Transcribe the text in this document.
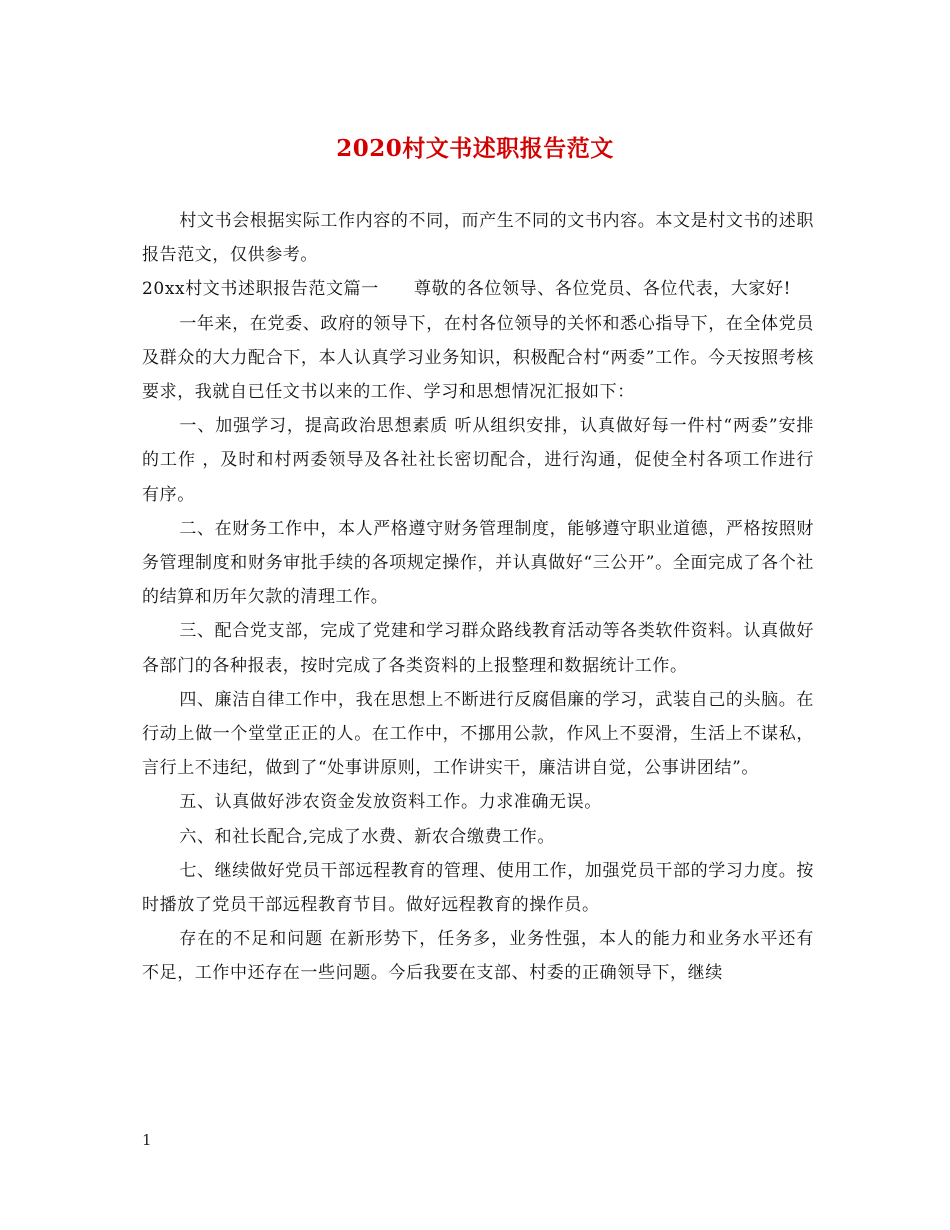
2020村文书述职报告范文

村文书会根据实际工作内容的不同，而产生不同的文书内容。本文是村文书的述职报告范文，仅供参考。

20xx村文书述职报告范文篇一　　尊敬的各位领导、各位党员、各位代表，大家好!

一年来，在党委、政府的领导下，在村各位领导的关怀和悉心指导下，在全体党员及群众的大力配合下，本人认真学习业务知识，积极配合村“两委”工作。今天按照考核要求，我就自已任文书以来的工作、学习和思想情况汇报如下：

一、加强学习，提高政治思想素质 听从组织安排，认真做好每一件村“两委”安排的工作 ，及时和村两委领导及各社社长密切配合，进行沟通，促使全村各项工作进行有序。

二、在财务工作中，本人严格遵守财务管理制度，能够遵守职业道德，严格按照财务管理制度和财务审批手续的各项规定操作，并认真做好“三公开”。全面完成了各个社的结算和历年欠款的清理工作。

三、配合党支部，完成了党建和学习群众路线教育活动等各类软件资料。认真做好各部门的各种报表，按时完成了各类资料的上报整理和数据统计工作。

四、廉洁自律工作中，我在思想上不断进行反腐倡廉的学习，武装自己的头脑。在行动上做一个堂堂正正的人。在工作中，不挪用公款，作风上不耍滑，生活上不谋私，言行上不违纪，做到了“处事讲原则，工作讲实干，廉洁讲自觉，公事讲团结”。

五、认真做好涉农资金发放资料工作。力求准确无误。

六、和社长配合,完成了水费、新农合缴费工作。

七、继续做好党员干部远程教育的管理、使用工作，加强党员干部的学习力度。按时播放了党员干部远程教育节目。做好远程教育的操作员。

存在的不足和问题 在新形势下，任务多，业务性强，本人的能力和业务水平还有不足，工作中还存在一些问题。今后我要在支部、村委的正确领导下，继续

1
